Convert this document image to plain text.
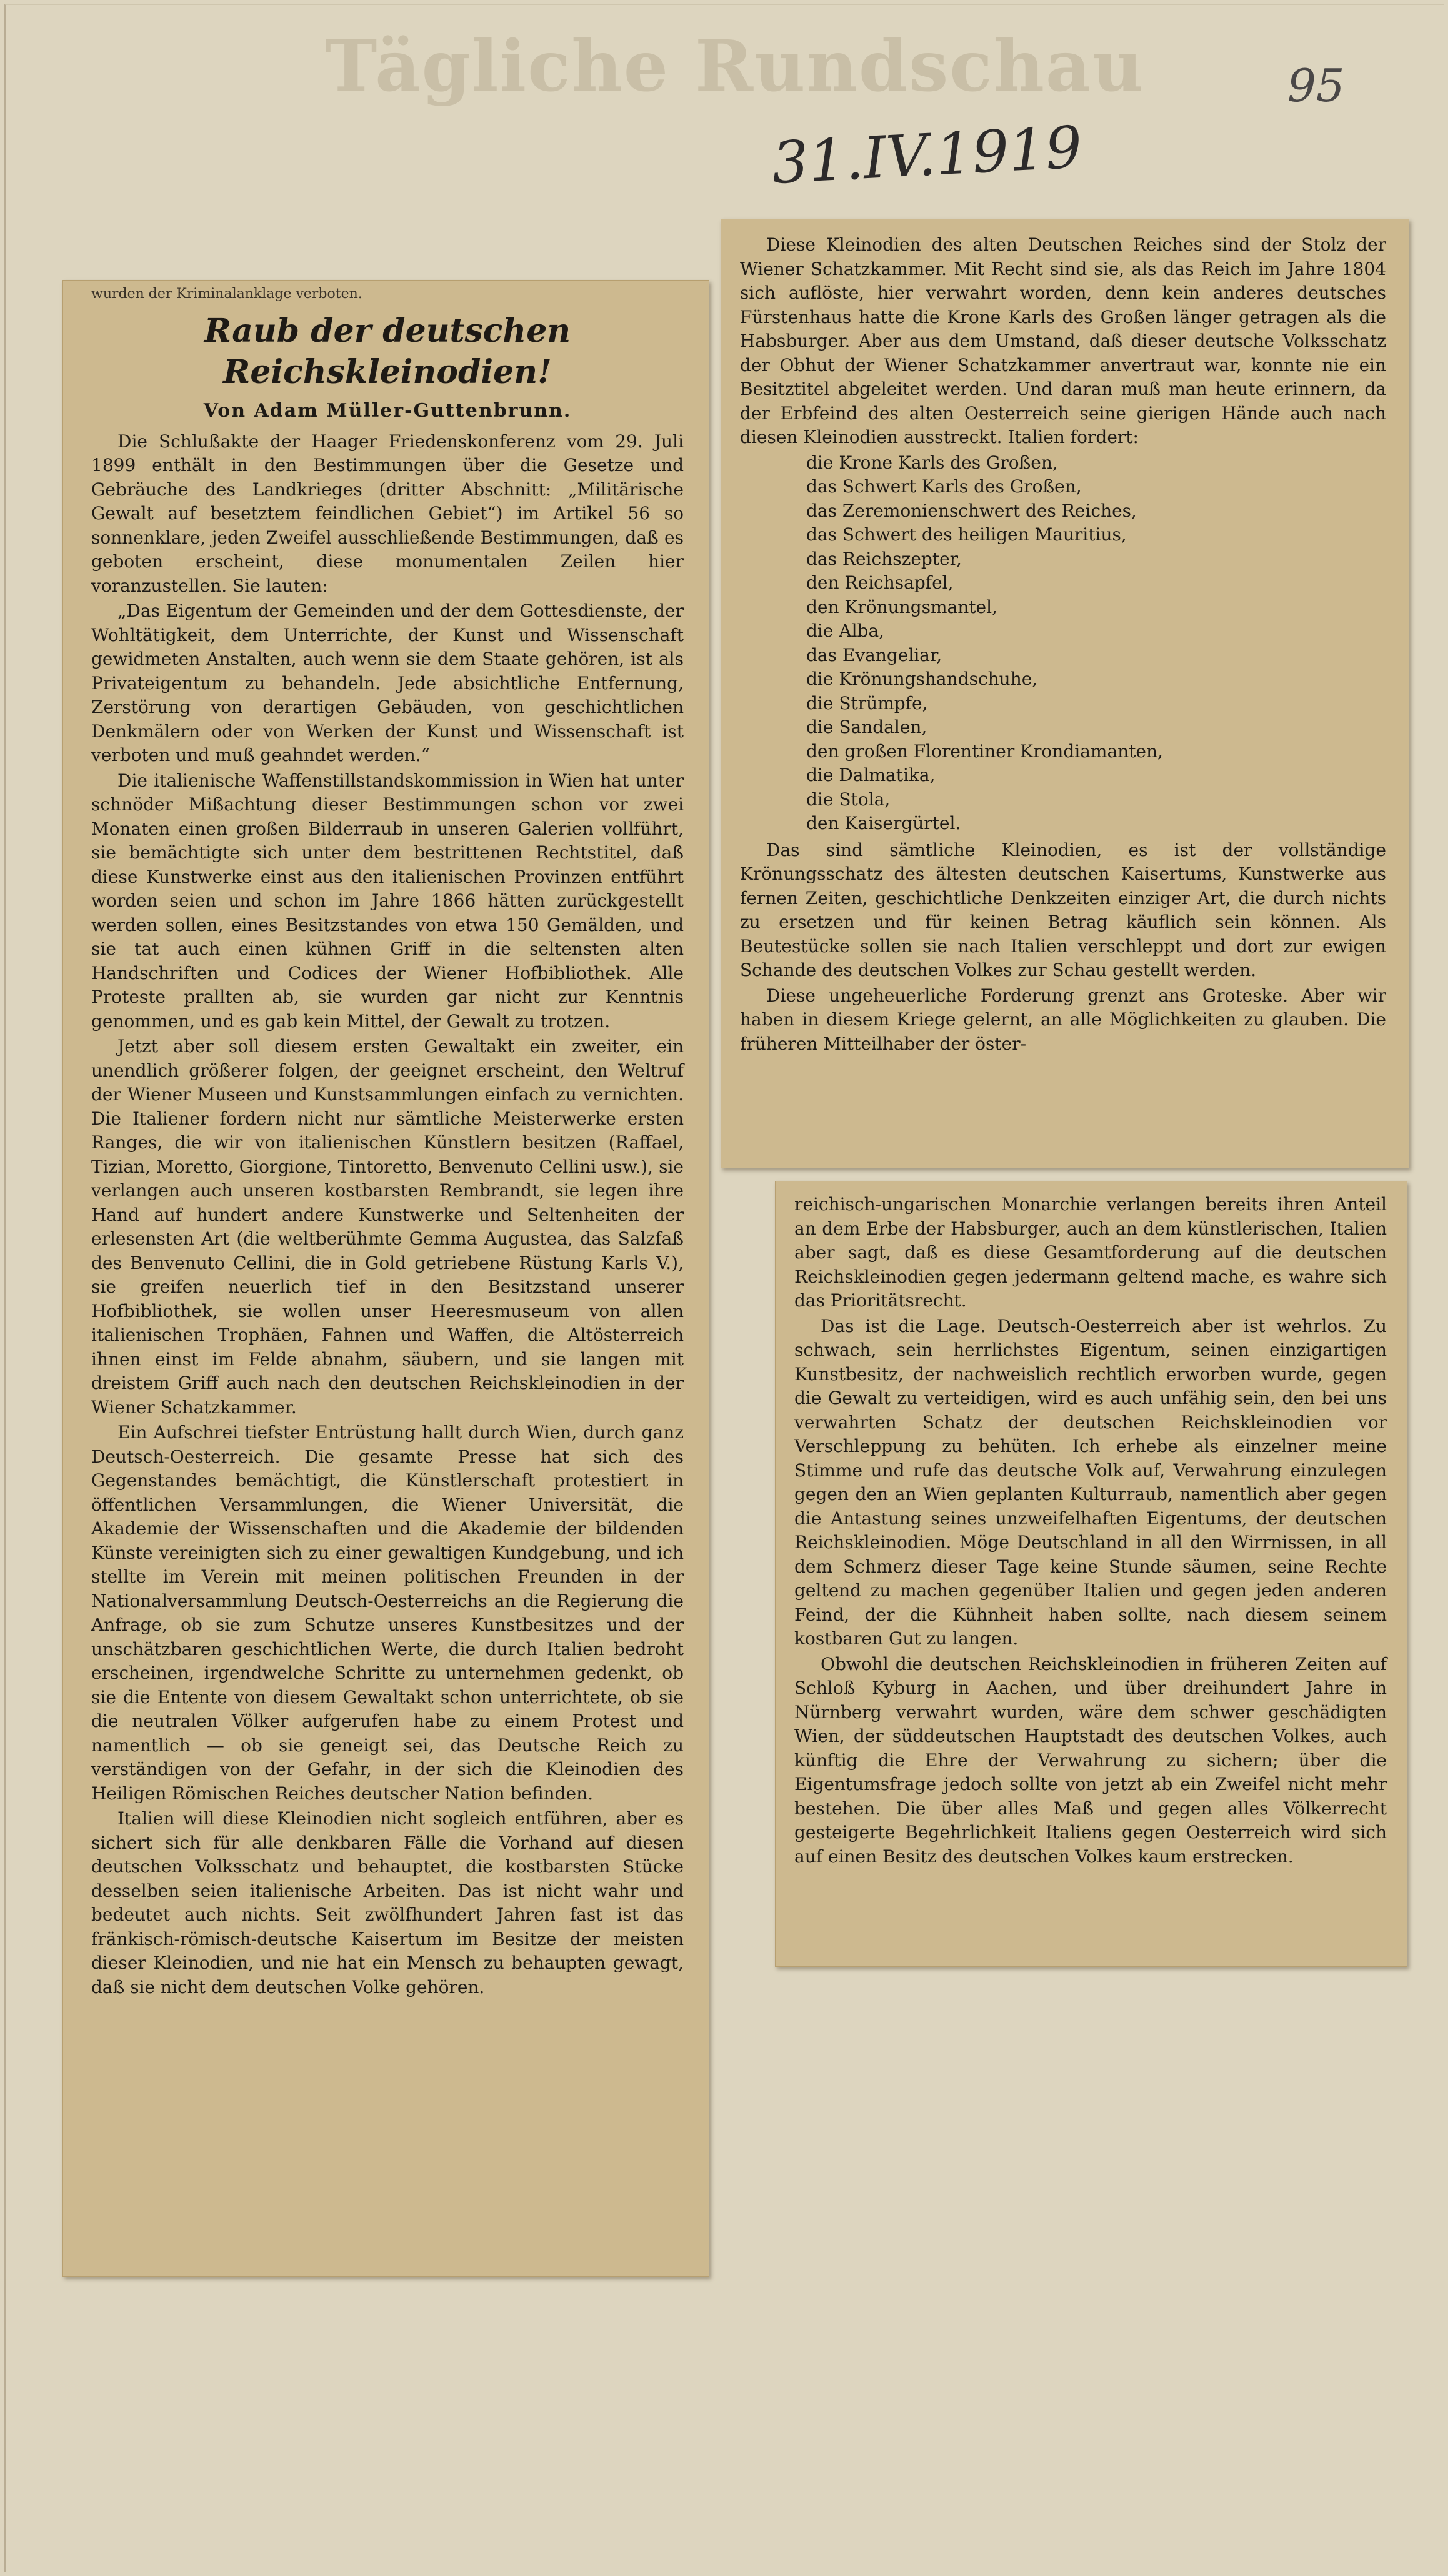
Tägliche Rundschau
31.IV.1919
95
wurden der Kriminalanklage verboten.
Raub der deutschen Reichskleinodien!
Von Adam Müller-Guttenbrunn.

Die Schlußakte der Haager Friedenskonferenz vom 29. Juli 1899 enthält in den Bestimmungen über die Gesetze und Gebräuche des Landkrieges (dritter Abschnitt: „Militärische Gewalt auf besetztem feindlichen Gebiet“) im Artikel 56 so sonnenklare, jeden Zweifel ausschließende Bestimmungen, daß es geboten erscheint, diese monumentalen Zeilen hier voranzustellen. Sie lauten:

„Das Eigentum der Gemeinden und der dem Gottesdienste, der Wohltätigkeit, dem Unterrichte, der Kunst und Wissenschaft gewidmeten Anstalten, auch wenn sie dem Staate gehören, ist als Privateigentum zu behandeln. Jede absichtliche Entfernung, Zerstörung von derartigen Gebäuden, von geschichtlichen Denkmälern oder von Werken der Kunst und Wissenschaft ist verboten und muß geahndet werden.“

Die italienische Waffenstillstandskommission in Wien hat unter schnöder Mißachtung dieser Bestimmungen schon vor zwei Monaten einen großen Bilderraub in unseren Galerien vollführt, sie bemächtigte sich unter dem bestrittenen Rechtstitel, daß diese Kunstwerke einst aus den italienischen Provinzen entführt worden seien und schon im Jahre 1866 hätten zurückgestellt werden sollen, eines Besitzstandes von etwa 150 Gemälden, und sie tat auch einen kühnen Griff in die seltensten alten Handschriften und Codices der Wiener Hofbibliothek. Alle Proteste prallten ab, sie wurden gar nicht zur Kenntnis genommen, und es gab kein Mittel, der Gewalt zu trotzen.

Jetzt aber soll diesem ersten Gewaltakt ein zweiter, ein unendlich größerer folgen, der geeignet erscheint, den Weltruf der Wiener Museen und Kunstsammlungen einfach zu vernichten. Die Italiener fordern nicht nur sämtliche Meisterwerke ersten Ranges, die wir von italienischen Künstlern besitzen (Raffael, Tizian, Moretto, Giorgione, Tintoretto, Benvenuto Cellini usw.), sie verlangen auch unseren kostbarsten Rembrandt, sie legen ihre Hand auf hundert andere Kunstwerke und Seltenheiten der erlesensten Art (die weltberühmte Gemma Augustea, das Salzfaß des Benvenuto Cellini, die in Gold getriebene Rüstung Karls V.), sie greifen neuerlich tief in den Besitzstand unserer Hofbibliothek, sie wollen unser Heeresmuseum von allen italienischen Trophäen, Fahnen und Waffen, die Altösterreich ihnen einst im Felde abnahm, säubern, und sie langen mit dreistem Griff auch nach den deutschen Reichskleinodien in der Wiener Schatzkammer.

Ein Aufschrei tiefster Entrüstung hallt durch Wien, durch ganz Deutsch-Oesterreich. Die gesamte Presse hat sich des Gegenstandes bemächtigt, die Künstlerschaft protestiert in öffentlichen Versammlungen, die Wiener Universität, die Akademie der Wissenschaften und die Akademie der bildenden Künste vereinigten sich zu einer gewaltigen Kundgebung, und ich stellte im Verein mit meinen politischen Freunden in der Nationalversammlung Deutsch-Oesterreichs an die Regierung die Anfrage, ob sie zum Schutze unseres Kunstbesitzes und der unschätzbaren geschichtlichen Werte, die durch Italien bedroht erscheinen, irgendwelche Schritte zu unternehmen gedenkt, ob sie die Entente von diesem Gewaltakt schon unterrichtete, ob sie die neutralen Völker aufgerufen habe zu einem Protest und namentlich — ob sie geneigt sei, das Deutsche Reich zu verständigen von der Gefahr, in der sich die Kleinodien des Heiligen Römischen Reiches deutscher Nation befinden.

Italien will diese Kleinodien nicht sogleich entführen, aber es sichert sich für alle denkbaren Fälle die Vorhand auf diesen deutschen Volksschatz und behauptet, die kostbarsten Stücke desselben seien italienische Arbeiten. Das ist nicht wahr und bedeutet auch nichts. Seit zwölfhundert Jahren fast ist das fränkisch-römisch-deutsche Kaisertum im Besitze der meisten dieser Kleinodien, und nie hat ein Mensch zu behaupten gewagt, daß sie nicht dem deutschen Volke gehören.

Diese Kleinodien des alten Deutschen Reiches sind der Stolz der Wiener Schatzkammer. Mit Recht sind sie, als das Reich im Jahre 1804 sich auflöste, hier verwahrt worden, denn kein anderes deutsches Fürstenhaus hatte die Krone Karls des Großen länger getragen als die Habsburger. Aber aus dem Umstand, daß dieser deutsche Volksschatz der Obhut der Wiener Schatzkammer anvertraut war, konnte nie ein Besitztitel abgeleitet werden. Und daran muß man heute erinnern, da der Erbfeind des alten Oesterreich seine gierigen Hände auch nach diesen Kleinodien ausstreckt. Italien fordert:

die Krone Karls des Großen,
das Schwert Karls des Großen,
das Zeremonienschwert des Reiches,
das Schwert des heiligen Mauritius,
das Reichszepter,
den Reichsapfel,
den Krönungsmantel,
die Alba,
das Evangeliar,
die Krönungshandschuhe,
die Strümpfe,
die Sandalen,
den großen Florentiner Krondiamanten,
die Dalmatika,
die Stola,
den Kaisergürtel.

Das sind sämtliche Kleinodien, es ist der vollständige Krönungsschatz des ältesten deutschen Kaisertums, Kunstwerke aus fernen Zeiten, geschichtliche Denkzeiten einziger Art, die durch nichts zu ersetzen und für keinen Betrag käuflich sein können. Als Beutestücke sollen sie nach Italien verschleppt und dort zur ewigen Schande des deutschen Volkes zur Schau gestellt werden.

Diese ungeheuerliche Forderung grenzt ans Groteske. Aber wir haben in diesem Kriege gelernt, an alle Möglichkeiten zu glauben. Die früheren Mitteilhaber der öster-

reichisch-ungarischen Monarchie verlangen bereits ihren Anteil an dem Erbe der Habsburger, auch an dem künstlerischen, Italien aber sagt, daß es diese Gesamtforderung auf die deutschen Reichskleinodien gegen jedermann geltend mache, es wahre sich das Prioritätsrecht.

Das ist die Lage. Deutsch-Oesterreich aber ist wehrlos. Zu schwach, sein herrlichstes Eigentum, seinen einzigartigen Kunstbesitz, der nachweislich rechtlich erworben wurde, gegen die Gewalt zu verteidigen, wird es auch unfähig sein, den bei uns verwahrten Schatz der deutschen Reichskleinodien vor Verschleppung zu behüten. Ich erhebe als einzelner meine Stimme und rufe das deutsche Volk auf, Verwahrung einzulegen gegen den an Wien geplanten Kulturraub, namentlich aber gegen die Antastung seines unzweifelhaften Eigentums, der deutschen Reichskleinodien. Möge Deutschland in all den Wirrnissen, in all dem Schmerz dieser Tage keine Stunde säumen, seine Rechte geltend zu machen gegenüber Italien und gegen jeden anderen Feind, der die Kühnheit haben sollte, nach diesem seinem kostbaren Gut zu langen.

Obwohl die deutschen Reichskleinodien in früheren Zeiten auf Schloß Kyburg in Aachen, und über dreihundert Jahre in Nürnberg verwahrt wurden, wäre dem schwer geschädigten Wien, der süddeutschen Hauptstadt des deutschen Volkes, auch künftig die Ehre der Verwahrung zu sichern; über die Eigentumsfrage jedoch sollte von jetzt ab ein Zweifel nicht mehr bestehen. Die über alles Maß und gegen alles Völkerrecht gesteigerte Begehrlichkeit Italiens gegen Oesterreich wird sich auf einen Besitz des deutschen Volkes kaum erstrecken.
